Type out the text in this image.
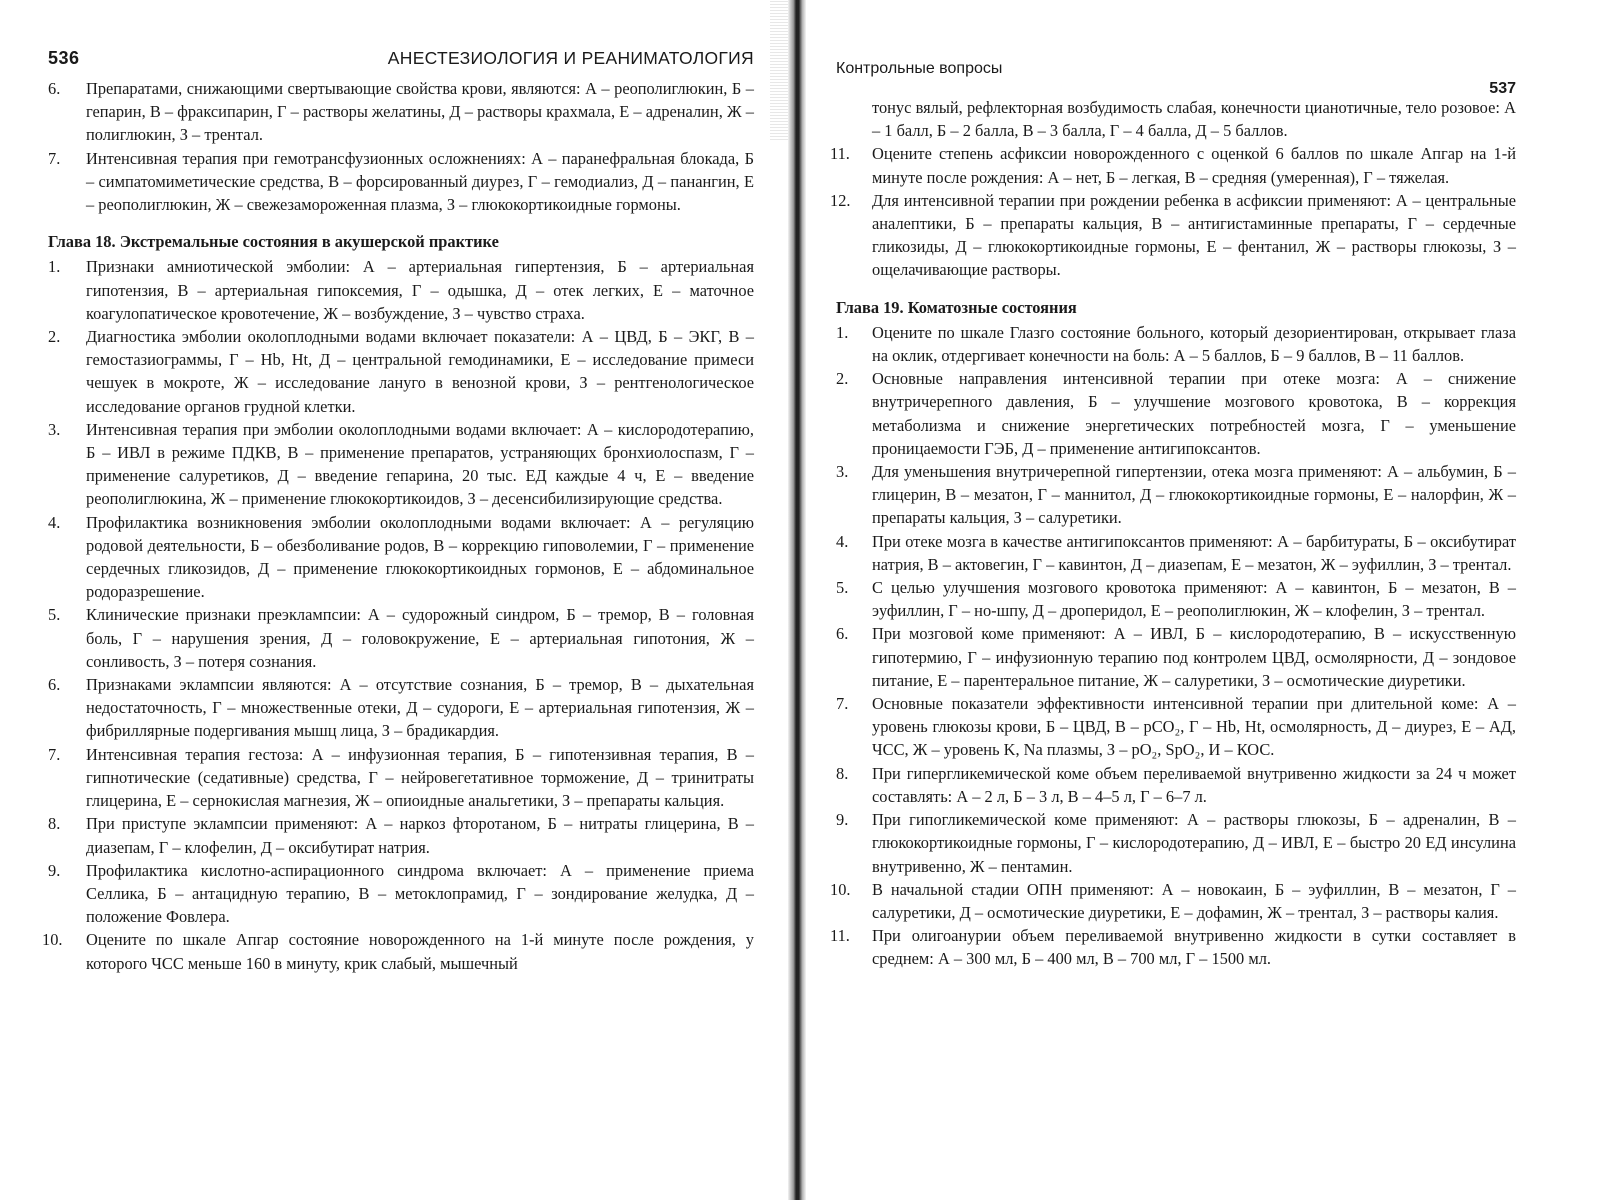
536	АНЕСТЕЗИОЛОГИЯ И РЕАНИМАТОЛОГИЯ
6.	Препаратами, снижающими свертывающие свойства крови, являются: А – реополиглюкин, Б – гепарин, В – фраксипарин, Г – растворы желатины, Д – растворы крахмала, Е – адреналин, Ж – полиглюкин, З – трентал.
7.	Интенсивная терапия при гемотрансфузионных осложнениях: А – паранефральная блокада, Б – симпатомиметические средства, В – форсированный диурез, Г – гемодиализ, Д – панангин, Е – реополиглюкин, Ж – свежезамороженная плазма, З – глюкокортикоидные гормоны.
Глава 18. Экстремальные состояния в акушерской практике
1.	Признаки амниотической эмболии: А – артериальная гипертензия, Б – артериальная гипотензия, В – артериальная гипоксемия, Г – одышка, Д – отек легких, Е – маточное коагулопатическое кровотечение, Ж – возбуждение, З – чувство страха.
2.	Диагностика эмболии околоплодными водами включает показатели: А – ЦВД, Б – ЭКГ, В – гемостазиограммы, Г – Hb, Ht, Д – центральной гемодинамики, Е – исследование примеси чешуек в мокроте, Ж – исследование лануго в венозной крови, З – рентгенологическое исследование органов грудной клетки.
3.	Интенсивная терапия при эмболии околоплодными водами включает: А – кислородотерапию, Б – ИВЛ в режиме ПДКВ, В – применение препаратов, устраняющих бронхиолоспазм, Г – применение салуретиков, Д – введение гепарина, 20 тыс. ЕД каждые 4 ч, Е – введение реополиглюкина, Ж – применение глюкокортикоидов, З – десенсибилизирующие средства.
4.	Профилактика возникновения эмболии околоплодными водами включает: А – регуляцию родовой деятельности, Б – обезболивание родов, В – коррекцию гиповолемии, Г – применение сердечных гликозидов, Д – применение глюкокортикоидных гормонов, Е – абдоминальное родоразрешение.
5.	Клинические признаки преэклампсии: А – судорожный синдром, Б – тремор, В – головная боль, Г – нарушения зрения, Д – головокружение, Е – артериальная гипотония, Ж – сонливость, З – потеря сознания.
6.	Признаками эклампсии являются: А – отсутствие сознания, Б – тремор, В – дыхательная недостаточность, Г – множественные отеки, Д – судороги, Е – артериальная гипотензия, Ж – фибриллярные подергивания мышц лица, З – брадикардия.
7.	Интенсивная терапия гестоза: А – инфузионная терапия, Б – гипотензивная терапия, В – гипнотические (седативные) средства, Г – нейровегетативное торможение, Д – тринитраты глицерина, Е – сернокислая магнезия, Ж – опиоидные анальгетики, З – препараты кальция.
8.	При приступе эклампсии применяют: А – наркоз фторотаном, Б – нитраты глицерина, В – диазепам, Г – клофелин, Д – оксибутират натрия.
9.	Профилактика кислотно-аспирационного синдрома включает: А – применение приема Селлика, Б – антацидную терапию, В – метоклопрамид, Г – зондирование желудка, Д – положение Фовлера.
10.	Оцените по шкале Апгар состояние новорожденного на 1-й минуте после рождения, у которого ЧСС меньше 160 в минуту, крик слабый, мышечный
Контрольные вопросы
537
тонус вялый, рефлекторная возбудимость слабая, конечности цианотичные, тело розовое: А – 1 балл, Б – 2 балла, В – 3 балла, Г – 4 балла, Д – 5 баллов.
11.	Оцените степень асфиксии новорожденного с оценкой 6 баллов по шкале Апгар на 1-й минуте после рождения: А – нет, Б – легкая, В – средняя (умеренная), Г – тяжелая.
12.	Для интенсивной терапии при рождении ребенка в асфиксии применяют: А – центральные аналептики, Б – препараты кальция, В – антигистаминные препараты, Г – сердечные гликозиды, Д – глюкокортикоидные гормоны, Е – фентанил, Ж – растворы глюкозы, З – ощелачивающие растворы.
Глава 19. Коматозные состояния
1.	Оцените по шкале Глазго состояние больного, который дезориентирован, открывает глаза на оклик, отдергивает конечности на боль: А – 5 баллов, Б – 9 баллов, В – 11 баллов.
2.	Основные направления интенсивной терапии при отеке мозга: А – снижение внутричерепного давления, Б – улучшение мозгового кровотока, В – коррекция метаболизма и снижение энергетических потребностей мозга, Г – уменьшение проницаемости ГЭБ, Д – применение антигипоксантов.
3.	Для уменьшения внутричерепной гипертензии, отека мозга применяют: А – альбумин, Б – глицерин, В – мезатон, Г – маннитол, Д – глюкокортикоидные гормоны, Е – налорфин, Ж – препараты кальция, З – салуретики.
4.	При отеке мозга в качестве антигипоксантов применяют: А – барбитураты, Б – оксибутират натрия, В – актовегин, Г – кавинтон, Д – диазепам, Е – мезатон, Ж – эуфиллин, З – трентал.
5.	С целью улучшения мозгового кровотока применяют: А – кавинтон, Б – мезатон, В – эуфиллин, Г – но-шпу, Д – дроперидол, Е – реополиглюкин, Ж – клофелин, З – трентал.
6.	При мозговой коме применяют: А – ИВЛ, Б – кислородотерапию, В – искусственную гипотермию, Г – инфузионную терапию под контролем ЦВД, осмолярности, Д – зондовое питание, Е – парентеральное питание, Ж – салуретики, З – осмотические диуретики.
7.	Основные показатели эффективности интенсивной терапии при длительной коме: А – уровень глюкозы крови, Б – ЦВД, В – pCO₂, Г – Hb, Ht, осмолярность, Д – диурез, Е – АД, ЧСС, Ж – уровень K, Na плазмы, З – pO₂, SpO₂, И – КОС.
8.	При гипергликемической коме объем переливаемой внутривенно жидкости за 24 ч может составлять: А – 2 л, Б – 3 л, В – 4–5 л, Г – 6–7 л.
9.	При гипогликемической коме применяют: А – растворы глюкозы, Б – адреналин, В – глюкокортикоидные гормоны, Г – кислородотерапию, Д – ИВЛ, Е – быстро 20 ЕД инсулина внутривенно, Ж – пентамин.
10.	В начальной стадии ОПН применяют: А – новокаин, Б – эуфиллин, В – мезатон, Г – салуретики, Д – осмотические диуретики, Е – дофамин, Ж – трентал, З – растворы калия.
11.	При олигоанурии объем переливаемой внутривенно жидкости в сутки составляет в среднем: А – 300 мл, Б – 400 мл, В – 700 мл, Г – 1500 мл.
